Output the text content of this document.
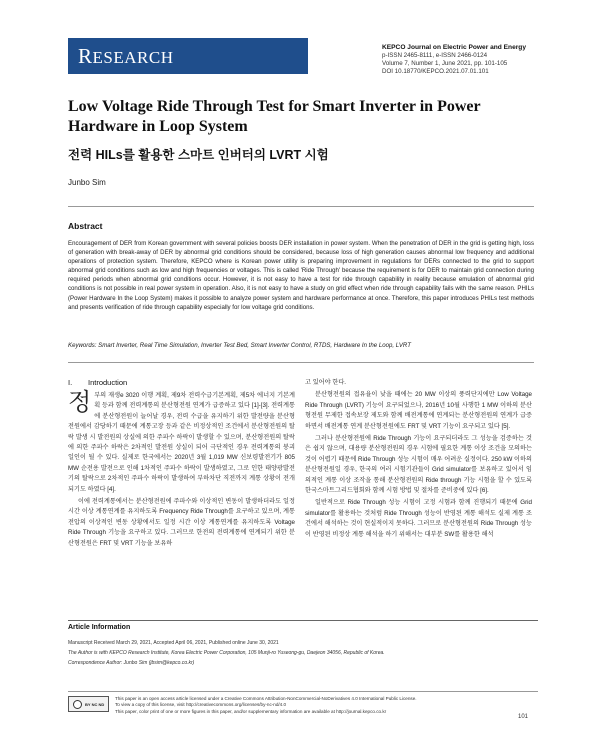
RESEARCH
KEPCO Journal on Electric Power and Energy
p-ISSN 2465-8111, e-ISSN 2466-0124
Volume 7, Number 1, June 2021, pp. 101-105
DOI 10.18770/KEPCO.2021.07.01.101
Low Voltage Ride Through Test for Smart Inverter in Power Hardware in Loop System
전력 HILs를 활용한 스마트 인버터의 LVRT 시험
Junbo Sim
Abstract
Encouragement of DER from Korean government with several policies boosts DER installation in power system. When the penetration of DER in the grid is getting high, loss of generation with break-away of DER by abnormal grid conditions should be considered, because loss of high generation causes abnormal low frequency and additional operations of protection system. Therefore, KEPCO where is Korean power utility is preparing improvement in regulations for DERs connected to the grid to support abnormal grid conditions such as low and high frequencies or voltages. This is called 'Ride Through' because the requirement is for DER to maintain grid connection during required periods when abnormal grid conditions occur. However, it is not easy to have a test for ride through capability in reality because emulation of abnormal grid conditions is not possible in real power system in operation. Also, it is not easy to have a study on grid effect when ride through capability fails with the same reason. PHILs (Power Hardware In the Loop System) makes it possible to analyze power system and hardware performance at once. Therefore, this paper introduces PHILs test methods and presents verification of ride through capability especially for low voltage grid conditions.
Keywords: Smart Inverter, Real Time Simulation, Inverter Test Bed, Smart Inverter Control, RTDS, Hardware In the Loop, LVRT
I. Introduction

정부의 재생e 3020 이행 계획, 제9차 전력수급기본계획, 제5차 에너지 기본계획 등과 함께 전력계통의 분산형전원 연계가 급증하고 있다 [1]-[3]. 전력계통에 분산형전원이 늘어날 경우, 전력 수급을 유지하기 위한 발전량을 분산형전원에서 감당하기 때문에 계통고장 등과 같은 비정상적인 조건에서 분산형전원의 탈락 발생 시 발전원의 상실에 의한 주파수 하락이 발생할 수 있으며, 분산형전원의 탈락에 의한 주파수 하락은 2차적인 발전원 상실이 되어 극단적인 경우 전력계통의 붕괴 일인이 될 수 있다. 실제로 한국에서는 2020년 3월 1,019 MW 신보령발전기가 805 MW 순전용 발전으로 인해 1차적인 주파수 하락이 발생하였고, 그로 인한 태양광발전기의 탈락으로 2차적인 주파수 하락이 발생하여 부하차단 직전까지 계통 상황이 전개되기도 하였다 [4].

이에 전력계통에서는 분산형전원에 주파수와 이상적인 변동이 발생하더라도 일정 시간 이상 계통연계를 유지하도록 Frequency Ride Through를 요구하고 있으며, 계통 전압의 이상적인 변동 상황에서도 일정 시간 이상 계통연계를 유지하도록 Voltage Ride Through 기능을 요구하고 있다. 그러므로 한전의 전력계통에 연계되기 위한 분산형전원은 FRT 및 VRT 기능을 보유하

고 있어야 한다.

분산형전원의 접유율이 낮을 때에는 20 MW 이상의 풍력단지에만 Low Voltage Ride Through (LVRT) 기능이 요구되었으나, 2016년 10월 사행한 1 MW 이하의 분산형전원 무제한 접속보장 제도와 함께 배전계통에 연계되는 분산형전원의 연계가 급증하면서 배전계통 연계 분산형전원에도 FRT 및 VRT 기능이 요구되고 있다 [5].

그러나 분산형전원에 Ride Through 기능이 요구되더라도 그 성능을 검증하는 것은 쉽지 않으며, 대용량 분산형전원의 경우 시험에 필요한 계통 이상 조건을 모의하는 것이 어렵기 때문에 Ride Through 성능 시험이 매우 어려운 실정이다. 250 kW 이하의 분산형전원일 경우, 한국의 여러 시험기관들이 Grid simulator를 보유하고 있어서 임의적인 계통 이상 조작을 통해 분산형전원의 Ride through 기능 시험을 할 수 있도록 한국스마트그리드협회와 함께 시험 방법 및 절차를 준비중에 있다 [6].

일반적으로 Ride Through 성능 시험이 고정 시험과 함께 진행되기 때문에 Grid simulator를 활용하는 것처럼 Ride Through 성능이 반영된 계통 해석도 실제 계통 조건에서 해석하는 것이 현실적이지 못하다. 그러므로 분산형전원의 Ride Through 성능이 반영된 비정상 계통 해석을 하기 위해서는 대부분 SW를 활용한 해석

Article Information
Manuscript Received March 29, 2021, Accepted April 06, 2021, Published online June 30, 2021
The Author is with KEPCO Research Institute, Korea Electric Power Corporation, 105 Munji-ro Yuseong-gu, Daejeon 34056, Republic of Korea.
Correspondence Author: Junbo Sim (jbsim@kepco.co.kr)
BY NC ND
This paper is an open access article licensed under a Creative Commons Attribution-NonCommercial-NoDerivatives 4.0 International Public License.
To view a copy of this license, visit http://creativecommons.org/licenses/by-nc-nd/4.0
This paper, color print of one or more figures in this paper, and/or supplementary information are available at http://journal.kepco.co.kr
101
